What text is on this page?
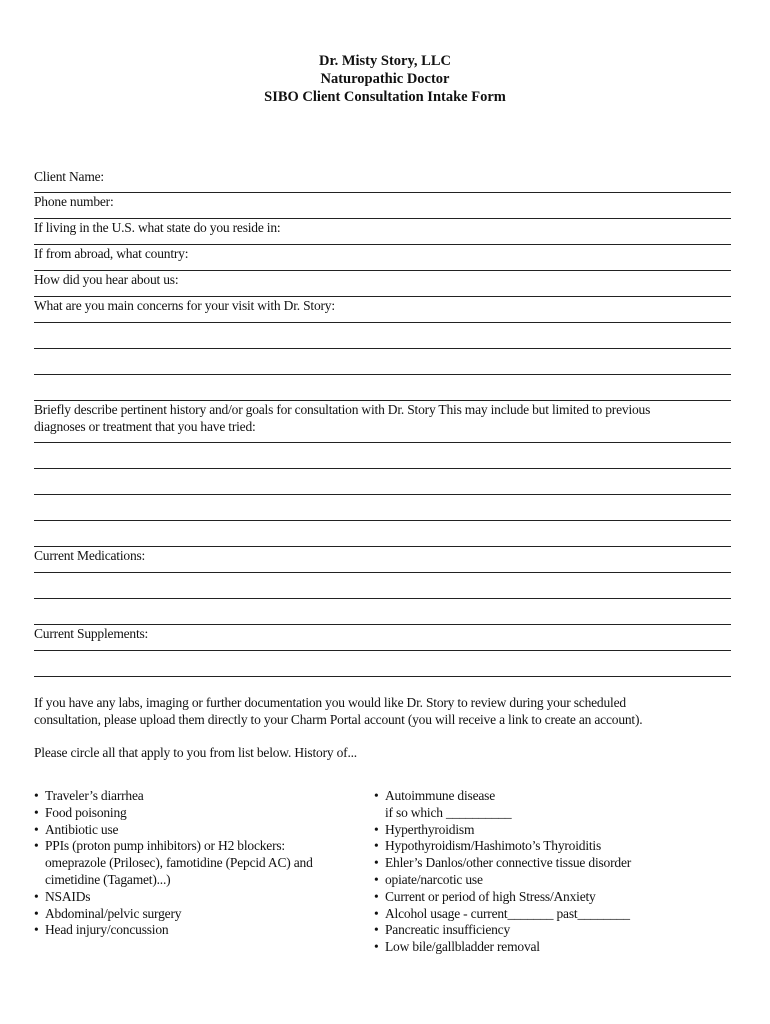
Dr. Misty Story, LLC
Naturopathic Doctor
SIBO Client Consultation Intake Form
Client Name:
Phone number:
If living in the U.S. what state do you reside in:
If from abroad, what country:
How did you hear about us:
What are you main concerns for your visit with Dr. Story:
Briefly describe pertinent history and/or goals for consultation with Dr. Story This may include but limited to previous
diagnoses or treatment that you have tried:
Current Medications:
Current Supplements:
If you have any labs, imaging or further documentation you would like Dr. Story to review during your scheduled
consultation, please upload them directly to your Charm Portal account (you will receive a link to create an account).
Please circle all that apply to you from list below. History of...
• Traveler’s diarrhea
• Food poisoning
• Antibiotic use
• PPIs (proton pump inhibitors) or H2 blockers:
omeprazole (Prilosec), famotidine (Pepcid AC) and
cimetidine (Tagamet)...)
• NSAIDs
• Abdominal/pelvic surgery
• Head injury/concussion
• Autoimmune disease
if so which __________
• Hyperthyroidism
• Hypothyroidism/Hashimoto’s Thyroiditis
• Ehler’s Danlos/other connective tissue disorder
• opiate/narcotic use
• Current or period of high Stress/Anxiety
• Alcohol usage - current_______ past________
• Pancreatic insufficiency
• Low bile/gallbladder removal
